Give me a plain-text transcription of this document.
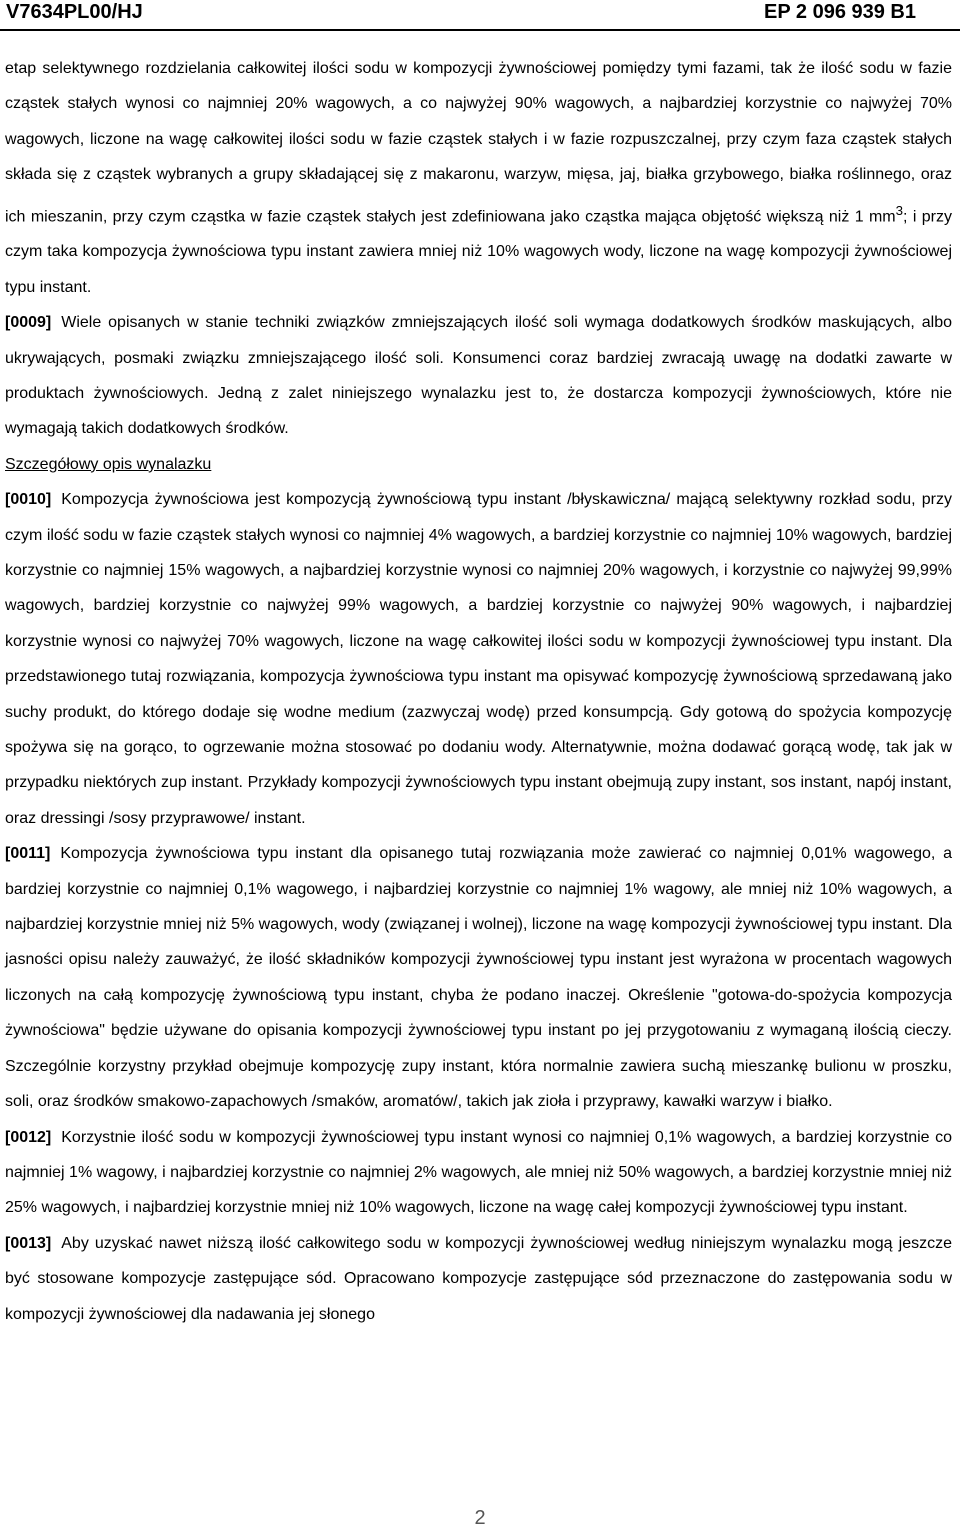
V7634PL00/HJ	EP 2 096 939 B1

etap selektywnego rozdzielania całkowitej ilości sodu w kompozycji żywnościowej pomiędzy tymi fazami, tak że ilość sodu w fazie cząstek stałych wynosi co najmniej 20% wagowych, a co najwyżej 90% wagowych, a najbardziej korzystnie co najwyżej 70% wagowych, liczone na wagę całkowitej ilości sodu w fazie cząstek stałych i w fazie rozpuszczalnej, przy czym faza cząstek stałych składa się z cząstek wybranych a grupy składającej się z makaronu, warzyw, mięsa, jaj, białka grzybowego, białka roślinnego, oraz ich mieszanin, przy czym cząstka w fazie cząstek stałych jest zdefiniowana jako cząstka mająca objętość większą niż 1 $mm^3$; i przy czym taka kompozycja żywnościowa typu instant zawiera mniej niż 10% wagowych wody, liczone na wagę kompozycji żywnościowej typu instant.

[0009] Wiele opisanych w stanie techniki związków zmniejszających ilość soli wymaga dodatkowych środków maskujących, albo ukrywających, posmaki związku zmniejszającego ilość soli. Konsumenci coraz bardziej zwracają uwagę na dodatki zawarte w produktach żywnościowych. Jedną z zalet niniejszego wynalazku jest to, że dostarcza kompozycji żywnościowych, które nie wymagają takich dodatkowych środków.

Szczegółowy opis wynalazku

[0010] Kompozycja żywnościowa jest kompozycją żywnościową typu instant /błyskawiczna/ mającą selektywny rozkład sodu, przy czym ilość sodu w fazie cząstek stałych wynosi co najmniej 4% wagowych, a bardziej korzystnie co najmniej 10% wagowych, bardziej korzystnie co najmniej 15% wagowych, a najbardziej korzystnie wynosi co najmniej 20% wagowych, i korzystnie co najwyżej 99,99% wagowych, bardziej korzystnie co najwyżej 99% wagowych, a bardziej korzystnie co najwyżej 90% wagowych, i najbardziej korzystnie wynosi co najwyżej 70% wagowych, liczone na wagę całkowitej ilości sodu w kompozycji żywnościowej typu instant. Dla przedstawionego tutaj rozwiązania, kompozycja żywnościowa typu instant ma opisywać kompozycję żywnościową sprzedawaną jako suchy produkt, do którego dodaje się wodne medium (zazwyczaj wodę) przed konsumpcją. Gdy gotową do spożycia kompozycję spożywa się na gorąco, to ogrzewanie można stosować po dodaniu wody. Alternatywnie, można dodawać gorącą wodę, tak jak w przypadku niektórych zup instant. Przykłady kompozycji żywnościowych typu instant obejmują zupy instant, sos instant, napój instant, oraz dressingi /sosy przyprawowe/ instant.

[0011] Kompozycja żywnościowa typu instant dla opisanego tutaj rozwiązania może zawierać co najmniej 0,01% wagowego, a bardziej korzystnie co najmniej 0,1% wagowego, i najbardziej korzystnie co najmniej 1% wagowy, ale mniej niż 10% wagowych, a najbardziej korzystnie mniej niż 5% wagowych, wody (związanej i wolnej), liczone na wagę kompozycji żywnościowej typu instant. Dla jasności opisu należy zauważyć, że ilość składników kompozycji żywnościowej typu instant jest wyrażona w procentach wagowych liczonych na całą kompozycję żywnościową typu instant, chyba że podano inaczej. Określenie "gotowa-do-spożycia kompozycja żywnościowa" będzie używane do opisania kompozycji żywnościowej typu instant po jej przygotowaniu z wymaganą ilością cieczy. Szczególnie korzystny przykład obejmuje kompozycję zupy instant, która normalnie zawiera suchą mieszankę bulionu w proszku, soli, oraz środków smakowo-zapachowych /smaków, aromatów/, takich jak zioła i przyprawy, kawałki warzyw i białko.

[0012] Korzystnie ilość sodu w kompozycji żywnościowej typu instant wynosi co najmniej 0,1% wagowych, a bardziej korzystnie co najmniej 1% wagowy, i najbardziej korzystnie co najmniej 2% wagowych, ale mniej niż 50% wagowych, a bardziej korzystnie mniej niż 25% wagowych, i najbardziej korzystnie mniej niż 10% wagowych, liczone na wagę całej kompozycji żywnościowej typu instant.

[0013] Aby uzyskać nawet niższą ilość całkowitego sodu w kompozycji żywnościowej według niniejszym wynalazku mogą jeszcze być stosowane kompozycje zastępujące sód. Opracowano kompozycje zastępujące sód przeznaczone do zastępowania sodu w kompozycji żywnościowej dla nadawania jej słonego

2
